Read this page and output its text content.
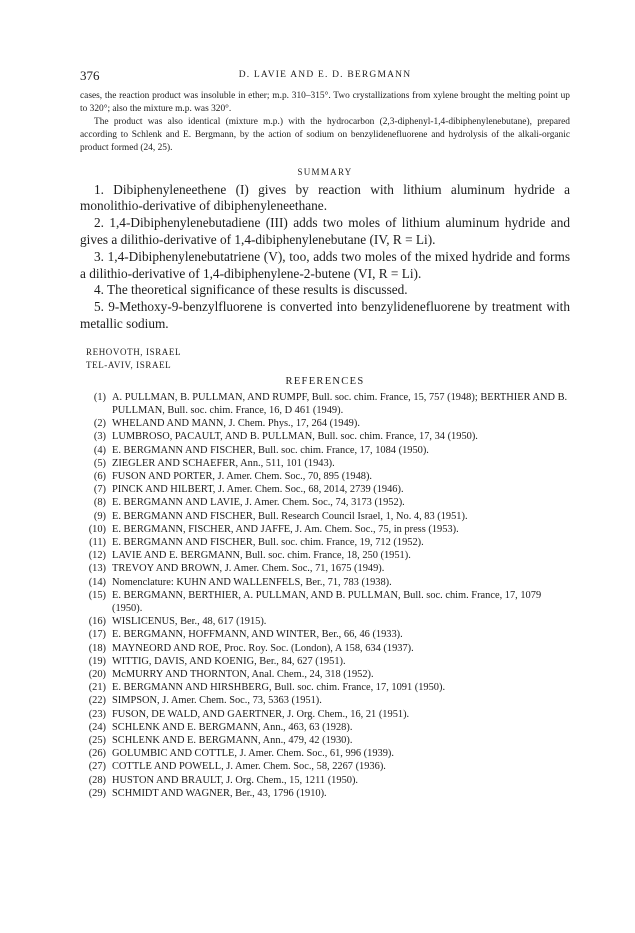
376	D. LAVIE AND E. D. BERGMANN

cases, the reaction product was insoluble in ether; m.p. 310–315°. Two crystallizations from xylene brought the melting point up to 320°; also the mixture m.p. was 320°.

The product was also identical (mixture m.p.) with the hydrocarbon (2,3-diphenyl-1,4-dibiphenylenebutane), prepared according to Schlenk and E. Bergmann, by the action of sodium on benzylidenefluorene and hydrolysis of the alkali-organic product formed (24, 25).

SUMMARY

1. Dibiphenyleneethene (I) gives by reaction with lithium aluminum hydride a monolithio-derivative of dibiphenyleneethane.

2. 1,4-Dibiphenylenebutadiene (III) adds two moles of lithium aluminum hydride and gives a dilithio-derivative of 1,4-dibiphenylenebutane (IV, R = Li).

3. 1,4-Dibiphenylenebutatriene (V), too, adds two moles of the mixed hydride and forms a dilithio-derivative of 1,4-dibiphenylene-2-butene (VI, R = Li).

4. The theoretical significance of these results is discussed.

5. 9-Methoxy-9-benzylfluorene is converted into benzylidenefluorene by treatment with metallic sodium.

REHOVOTH, ISRAEL

TEL-AVIV, ISRAEL

REFERENCES

(1) A. PULLMAN, B. PULLMAN, AND RUMPF, Bull. soc. chim. France, 15, 757 (1948); BERTHIER AND B. PULLMAN, Bull. soc. chim. France, 16, D 461 (1949).
(2) WHELAND AND MANN, J. Chem. Phys., 17, 264 (1949).
(3) LUMBROSO, PACAULT, AND B. PULLMAN, Bull. soc. chim. France, 17, 34 (1950).
(4) E. BERGMANN AND FISCHER, Bull. soc. chim. France, 17, 1084 (1950).
(5) ZIEGLER AND SCHAEFER, Ann., 511, 101 (1943).
(6) FUSON AND PORTER, J. Amer. Chem. Soc., 70, 895 (1948).
(7) PINCK AND HILBERT, J. Amer. Chem. Soc., 68, 2014, 2739 (1946).
(8) E. BERGMANN AND LAVIE, J. Amer. Chem. Soc., 74, 3173 (1952).
(9) E. BERGMANN AND FISCHER, Bull. Research Council Israel, 1, No. 4, 83 (1951).
(10) E. BERGMANN, FISCHER, AND JAFFE, J. Am. Chem. Soc., 75, in press (1953).
(11) E. BERGMANN AND FISCHER, Bull. soc. chim. France, 19, 712 (1952).
(12) LAVIE AND E. BERGMANN, Bull. soc. chim. France, 18, 250 (1951).
(13) TREVOY AND BROWN, J. Amer. Chem. Soc., 71, 1675 (1949).
(14) Nomenclature: KUHN AND WALLENFELS, Ber., 71, 783 (1938).
(15) E. BERGMANN, BERTHIER, A. PULLMAN, AND B. PULLMAN, Bull. soc. chim. France, 17, 1079 (1950).
(16) WISLICENUS, Ber., 48, 617 (1915).
(17) E. BERGMANN, HOFFMANN, AND WINTER, Ber., 66, 46 (1933).
(18) MAYNEORD AND ROE, Proc. Roy. Soc. (London), A 158, 634 (1937).
(19) WITTIG, DAVIS, AND KOENIG, Ber., 84, 627 (1951).
(20) McMURRY AND THORNTON, Anal. Chem., 24, 318 (1952).
(21) E. BERGMANN AND HIRSHBERG, Bull. soc. chim. France, 17, 1091 (1950).
(22) SIMPSON, J. Amer. Chem. Soc., 73, 5363 (1951).
(23) FUSON, DE WALD, AND GAERTNER, J. Org. Chem., 16, 21 (1951).
(24) SCHLENK AND E. BERGMANN, Ann., 463, 63 (1928).
(25) SCHLENK AND E. BERGMANN, Ann., 479, 42 (1930).
(26) GOLUMBIC AND COTTLE, J. Amer. Chem. Soc., 61, 996 (1939).
(27) COTTLE AND POWELL, J. Amer. Chem. Soc., 58, 2267 (1936).
(28) HUSTON AND BRAULT, J. Org. Chem., 15, 1211 (1950).
(29) SCHMIDT AND WAGNER, Ber., 43, 1796 (1910).
